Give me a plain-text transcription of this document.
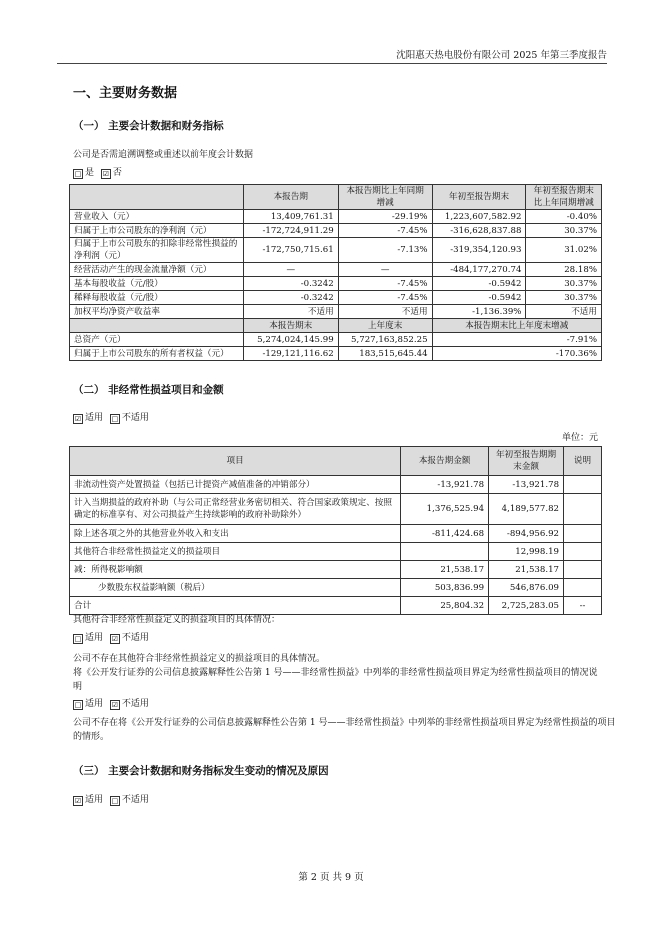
沈阳惠天热电股份有限公司 2025 年第三季度报告
一、主要财务数据
（一） 主要会计数据和财务指标
公司是否需追溯调整或重述以前年度会计数据
□ 是 ☑ 否
	本报告期	本报告期比上年同期增减	年初至报告期末	年初至报告期末比上年同期增减
营业收入（元）	13,409,761.31	-29.19%	1,223,607,582.92	-0.40%
归属于上市公司股东的净利润（元）	-172,724,911.29	-7.45%	-316,628,837.88	30.37%
归属于上市公司股东的扣除非经常性损益的净利润（元）	-172,750,715.61	-7.13%	-319,354,120.93	31.02%
经营活动产生的现金流量净额（元）	—	—	-484,177,270.74	28.18%
基本每股收益（元/股）	-0.3242	-7.45%	-0.5942	30.37%
稀释每股收益（元/股）	-0.3242	-7.45%	-0.5942	30.37%
加权平均净资产收益率	不适用	不适用	-1,136.39%	不适用
	本报告期末	上年度末	本报告期末比上年度末增减	
总资产（元）	5,274,024,145.99	5,727,163,852.25	-7.91%	
归属于上市公司股东的所有者权益（元）	-129,121,116.62	183,515,645.44	-170.36%	
（二） 非经常性损益项目和金额
☑ 适用 □ 不适用
单位：元
项目	本报告期金额	年初至报告期期末金额	说明
非流动性资产处置损益（包括已计提资产减值准备的冲销部分）	-13,921.78	-13,921.78	
计入当期损益的政府补助（与公司正常经营业务密切相关、符合国家政策规定、按照确定的标准享有、对公司损益产生持续影响的政府补助除外）	1,376,525.94	4,189,577.82	
除上述各项之外的其他营业外收入和支出	-811,424.68	-894,956.92	
其他符合非经常性损益定义的损益项目		12,998.19	
减：所得税影响额	21,538.17	21,538.17	
少数股东权益影响额（税后）	503,836.99	546,876.09	
合计	25,804.32	2,725,283.05	--
其他符合非经常性损益定义的损益项目的具体情况：
□ 适用 ☑ 不适用
公司不存在其他符合非经常性损益定义的损益项目的具体情况。
将《公开发行证券的公司信息披露解释性公告第 1 号——非经常性损益》中列举的非经常性损益项目界定为经常性损益项目的情况说明
□ 适用 ☑ 不适用
公司不存在将《公开发行证券的公司信息披露解释性公告第 1 号——非经常性损益》中列举的非经常性损益项目界定为经常性损益的项目的情形。
（三） 主要会计数据和财务指标发生变动的情况及原因
☑ 适用 □ 不适用
第 2 页 共 9 页
